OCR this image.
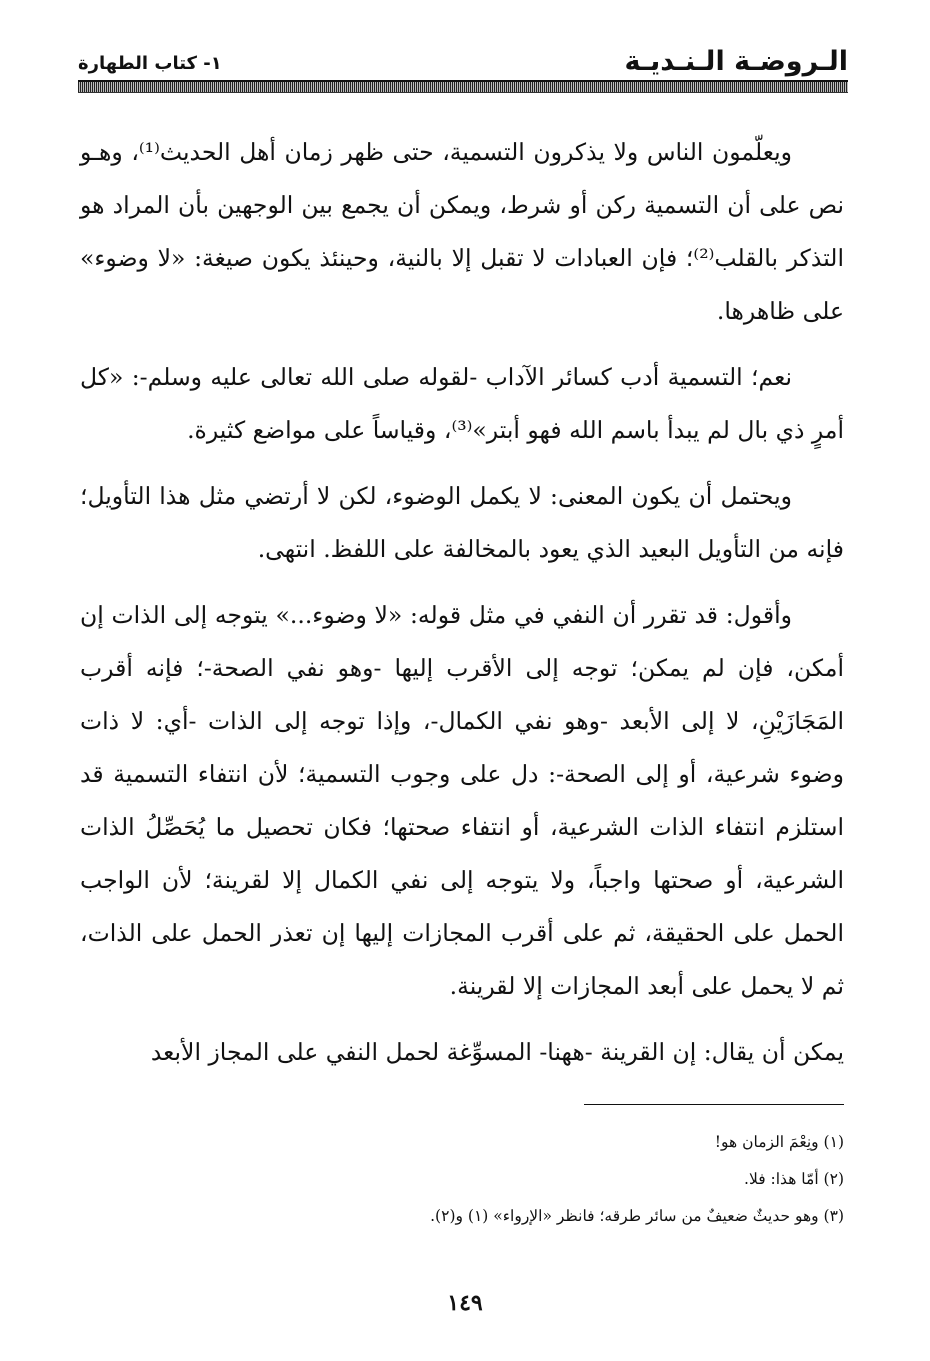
الـروضـة الـنـديـة
١- كتاب الطهارة

ويعلّمون الناس ولا يذكرون التسمية، حتى ظهر زمان أهل الحديث⁽¹⁾، وهـو نص على أن التسمية ركن أو شرط، ويمكن أن يجمع بين الوجهين بأن المراد هو التذكر بالقلب⁽²⁾؛ فإن العبادات لا تقبل إلا بالنية، وحينئذ يكون صيغة: «لا وضوء» على ظاهرها.

نعم؛ التسمية أدب كسائر الآداب -لقوله صلى الله تعالى عليه وسلم-: «كل أمرٍ ذي بال لم يبدأ باسم الله فهو أبتر»⁽³⁾، وقياساً على مواضع كثيرة.

ويحتمل أن يكون المعنى: لا يكمل الوضوء، لكن لا أرتضي مثل هذا التأويل؛ فإنه من التأويل البعيد الذي يعود بالمخالفة على اللفظ. انتهى.

وأقول: قد تقرر أن النفي في مثل قوله: «لا وضوء...» يتوجه إلى الذات إن أمكن، فإن لم يمكن؛ توجه إلى الأقرب إليها -وهو نفي الصحة-؛ فإنه أقرب المَجَازَيْنِ، لا إلى الأبعد -وهو نفي الكمال-، وإذا توجه إلى الذات -أي: لا ذات وضوء شرعية، أو إلى الصحة-: دل على وجوب التسمية؛ لأن انتفاء التسمية قد استلزم انتفاء الذات الشرعية، أو انتفاء صحتها؛ فكان تحصيل ما يُحَصِّلُ الذات الشرعية، أو صحتها واجباً، ولا يتوجه إلى نفي الكمال إلا لقرينة؛ لأن الواجب الحمل على الحقيقة، ثم على أقرب المجازات إليها إن تعذر الحمل على الذات، ثم لا يحمل على أبعد المجازات إلا لقرينة.

يمكن أن يقال: إن القرينة -ههنا- المسوِّغة لحمل النفي على المجاز الأبعد

(١) ونِعْمَ الزمان هو!
(٢) أمّا هذا: فلا.
(٣) وهو حديثٌ ضعيفٌ من سائر طرقه؛ فانظر «الإرواء» (١) و(٢).
١٤٩
